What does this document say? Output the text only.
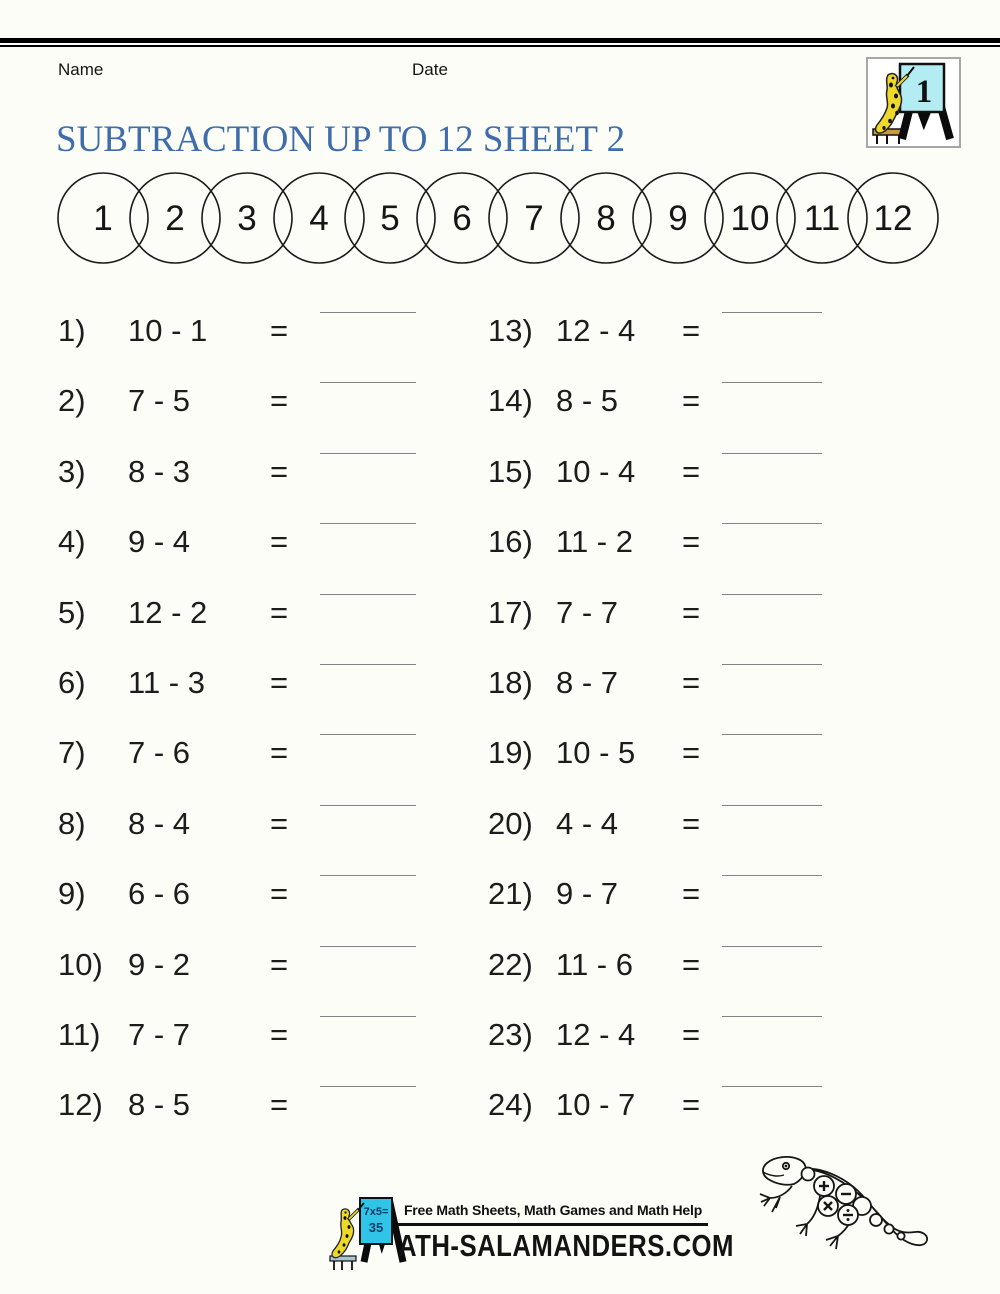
Name	Date
1
SUBTRACTION UP TO 12 SHEET 2
1 2 3 4 5 6 7 8 9 10 11 12
1) 10 - 1 =
2) 7 - 5	=
3) 8 - 3	=
4) 9 - 4	=
5) 12 - 2 =
6) 11 - 3 =
7) 7 - 6	=
8) 8 - 4	=
9) 6 - 6	=
10) 9 - 2	=
11) 7 - 7	=
12) 8 - 5	=
13) 12 - 4 =
14) 8 - 5 =
15) 10 - 4 =
16) 11 - 2 =
17) 7 - 7 =
18) 8 - 7 =
19) 10 - 5 =
20) 4 - 4 =
21) 9 - 7 =
22) 11 - 6 =
23) 12 - 4 =
24) 10 - 7 =
7x5=
35
Free Math Sheets, Math Games and Math Help
ATH-SALAMANDERS.COM
